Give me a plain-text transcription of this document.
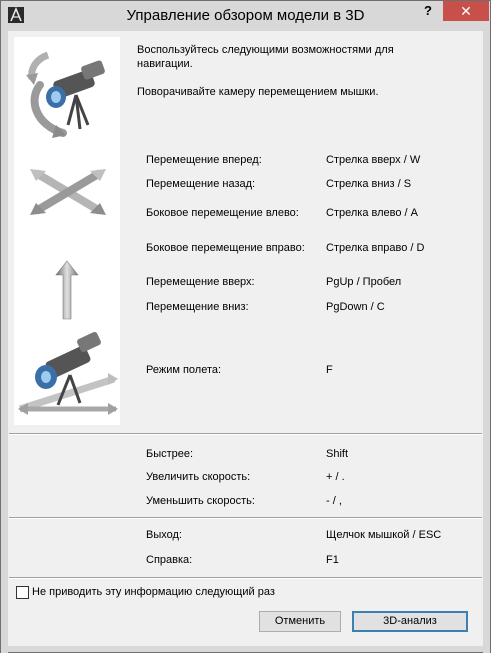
Управление обзором модели в 3D	?	✕

Воспользуйтесь следующими возможностями для навигации.

Поворачивайте камеру перемещением мышки.

Перемещение вперед:	Стрелка вверх / W
Перемещение назад:	Стрелка вниз / S
Боковое перемещение влево: Стрелка влево / A
Боковое перемещение вправо: Стрелка вправо / D
Перемещение вверх:	PgUp / Пробел
Перемещение вниз:	PgDown / C
Режим полета:	F
Быстрее:	Shift
Увеличить скорость:	+ / .
Уменьшить скорость:	- / ,
Выход:	Щелчок мышкой / ESC
Справка:	F1
Не приводить эту информацию следующий раз
Отменить	3D-анализ
